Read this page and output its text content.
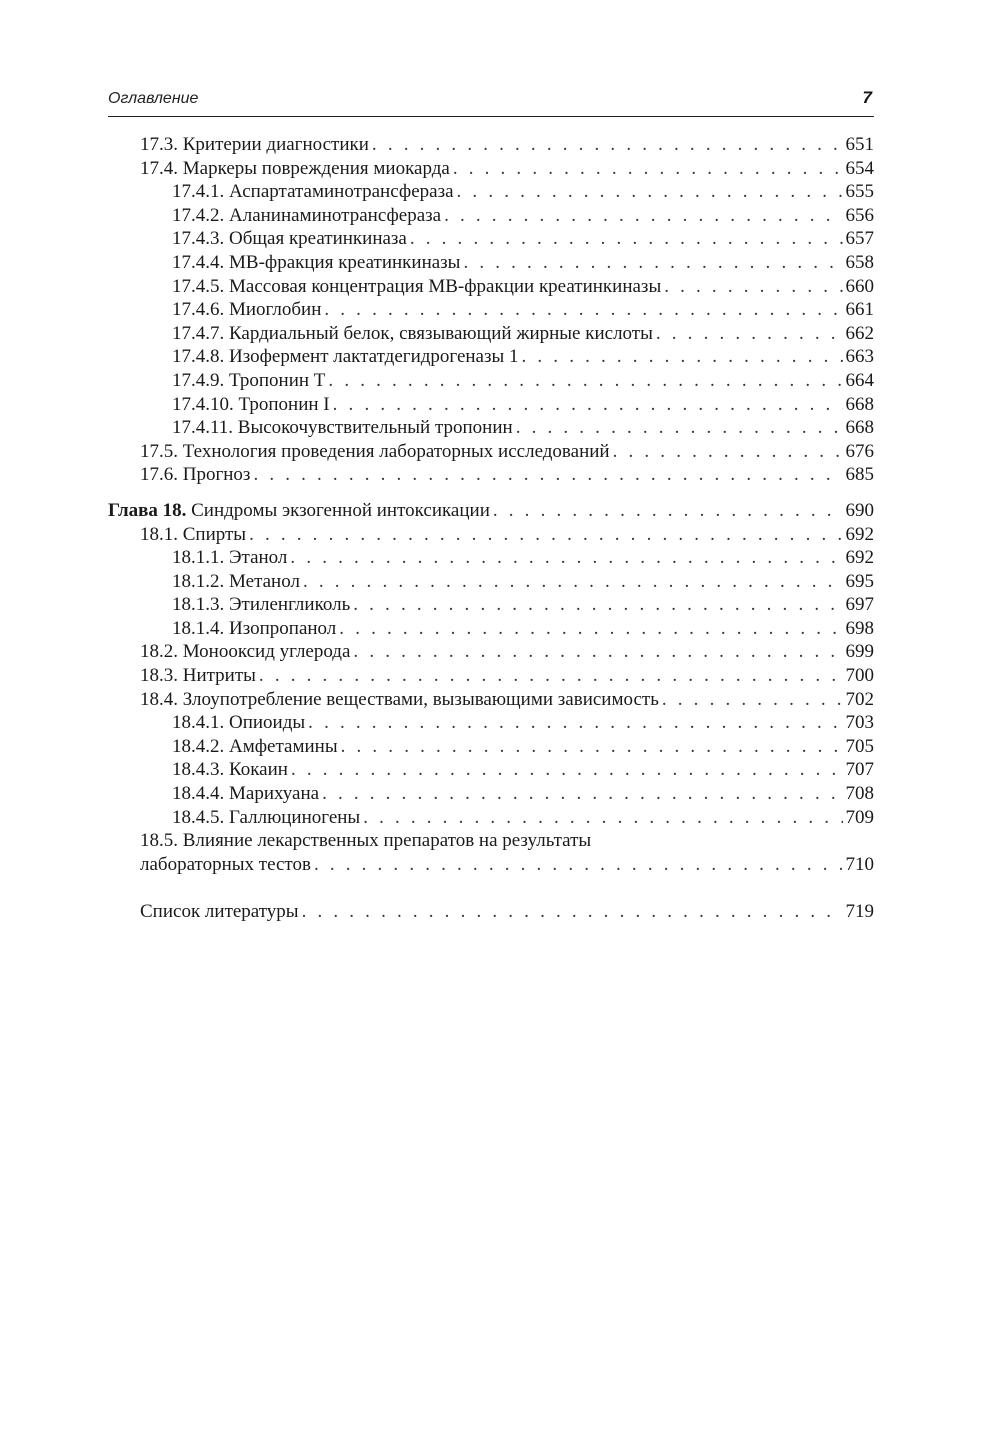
Оглавление	7
17.3. Критерии диагностики . . .	651
17.4. Маркеры повреждения миокарда . . .	654
17.4.1. Аспартатаминотрансфераза . . .	655
17.4.2. Аланинаминотрансфераза . . .	656
17.4.3. Общая креатинкиназа . . .	657
17.4.4. МВ-фракция креатинкиназы . . .	658
17.4.5. Массовая концентрация МВ-фракции креатинкиназы . . .	660
17.4.6. Миоглобин . . .	661
17.4.7. Кардиальный белок, связывающий жирные кислоты . . .	662
17.4.8. Изофермент лактатдегидрогеназы 1 . . .	663
17.4.9. Тропонин Т . . .	664
17.4.10. Тропонин I . . .	668
17.4.11. Высокочувствительный тропонин . . .	668
17.5. Технология проведения лабораторных исследований . . .	676
17.6. Прогноз . . .	685
Глава 18. Синдромы экзогенной интоксикации . . .	690
18.1. Спирты . . .	692
18.1.1. Этанол . . .	692
18.1.2. Метанол . . .	695
18.1.3. Этиленгликоль . . .	697
18.1.4. Изопропанол . . .	698
18.2. Монооксид углерода . . .	699
18.3. Нитриты . . .	700
18.4. Злоупотребление веществами, вызывающими зависимость . . .	702
18.4.1. Опиоиды . . .	703
18.4.2. Амфетамины . . .	705
18.4.3. Кокаин . . .	707
18.4.4. Марихуана . . .	708
18.4.5. Галлюциногены . . .	709
18.5. Влияние лекарственных препаратов на результаты
лабораторных тестов . . .	710
Список литературы . . .	719
